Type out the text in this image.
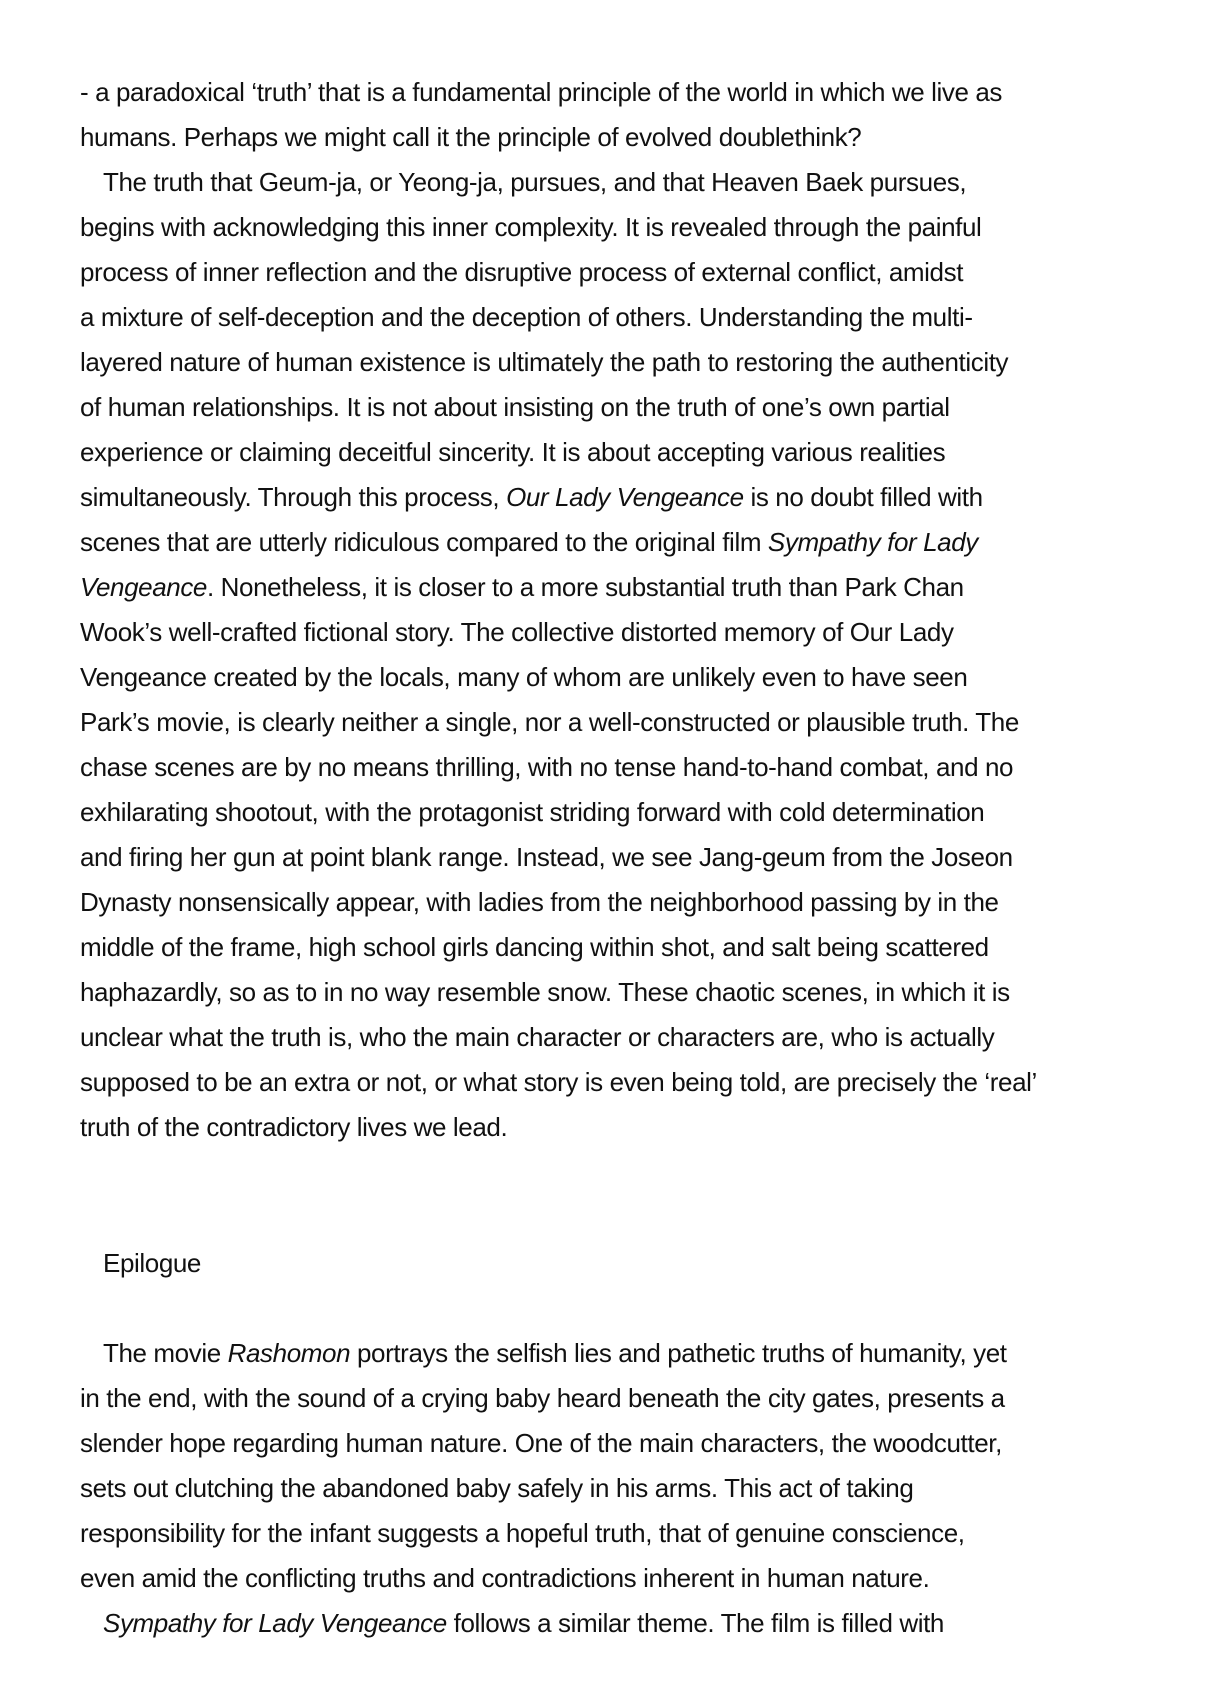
- a paradoxical ‘truth’ that is a fundamental principle of the world in which we live as
humans. Perhaps we might call it the principle of evolved doublethink?
The truth that Geum-ja, or Yeong-ja, pursues, and that Heaven Baek pursues,
begins with acknowledging this inner complexity. It is revealed through the painful
process of inner reflection and the disruptive process of external conflict, amidst
a mixture of self-deception and the deception of others. Understanding the multi-
layered nature of human existence is ultimately the path to restoring the authenticity
of human relationships. It is not about insisting on the truth of one’s own partial
experience or claiming deceitful sincerity. It is about accepting various realities
simultaneously. Through this process, Our Lady Vengeance is no doubt filled with
scenes that are utterly ridiculous compared to the original film Sympathy for Lady
Vengeance. Nonetheless, it is closer to a more substantial truth than Park Chan
Wook’s well-crafted fictional story. The collective distorted memory of Our Lady
Vengeance created by the locals, many of whom are unlikely even to have seen
Park’s movie, is clearly neither a single, nor a well-constructed or plausible truth. The
chase scenes are by no means thrilling, with no tense hand-to-hand combat, and no
exhilarating shootout, with the protagonist striding forward with cold determination
and firing her gun at point blank range. Instead, we see Jang-geum from the Joseon
Dynasty nonsensically appear, with ladies from the neighborhood passing by in the
middle of the frame, high school girls dancing within shot, and salt being scattered
haphazardly, so as to in no way resemble snow. These chaotic scenes, in which it is
unclear what the truth is, who the main character or characters are, who is actually
supposed to be an extra or not, or what story is even being told, are precisely the ‘real’
truth of the contradictory lives we lead.
Epilogue
The movie Rashomon portrays the selfish lies and pathetic truths of humanity, yet
in the end, with the sound of a crying baby heard beneath the city gates, presents a
slender hope regarding human nature. One of the main characters, the woodcutter,
sets out clutching the abandoned baby safely in his arms. This act of taking
responsibility for the infant suggests a hopeful truth, that of genuine conscience,
even amid the conflicting truths and contradictions inherent in human nature.
Sympathy for Lady Vengeance follows a similar theme. The film is filled with
